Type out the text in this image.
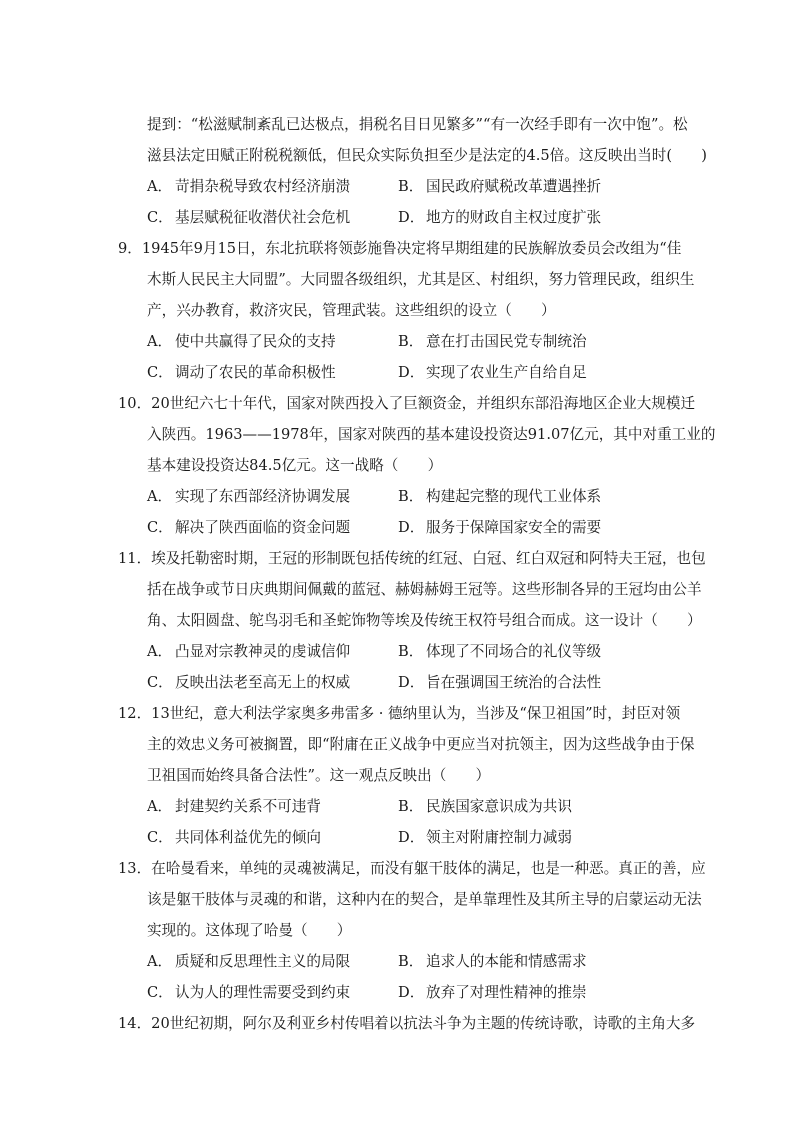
提到：“松滋赋制紊乱已达极点，捐税名目日见繁多”“有一次经手即有一次中饱”。松
滋县法定田赋正附税税额低，但民众实际负担至少是法定的4.5倍。这反映出当时(　　)
A． 苛捐杂税导致农村经济崩溃	B． 国民政府赋税改革遭遇挫折
C． 基层赋税征收潜伏社会危机	D． 地方的财政自主权过度扩张
9．1945年9月15日，东北抗联将领彭施鲁决定将早期组建的民族解放委员会改组为“佳
木斯人民民主大同盟”。大同盟各级组织，尤其是区、村组织，努力管理民政，组织生
产，兴办教育，救济灾民，管理武装。这些组织的设立（　　）
A． 使中共赢得了民众的支持	B． 意在打击国民党专制统治
C． 调动了农民的革命积极性	D． 实现了农业生产自给自足
10．20世纪六七十年代，国家对陕西投入了巨额资金，并组织东部沿海地区企业大规模迁
入陕西。1963——1978年，国家对陕西的基本建设投资达91.07亿元，其中对重工业的
基本建设投资达84.5亿元。这一战略（　　）
A． 实现了东西部经济协调发展	B． 构建起完整的现代工业体系
C． 解决了陕西面临的资金问题	D． 服务于保障国家安全的需要
11．埃及托勒密时期，王冠的形制既包括传统的红冠、白冠、红白双冠和阿特夫王冠，也包
括在战争或节日庆典期间佩戴的蓝冠、赫姆赫姆王冠等。这些形制各异的王冠均由公羊
角、太阳圆盘、鸵鸟羽毛和圣蛇饰物等埃及传统王权符号组合而成。这一设计（　　）
A． 凸显对宗教神灵的虔诚信仰	B． 体现了不同场合的礼仪等级
C． 反映出法老至高无上的权威	D． 旨在强调国王统治的合法性
12．13世纪，意大利法学家奥多弗雷多 · 德纳里认为，当涉及“保卫祖国”时，封臣对领
主的效忠义务可被搁置，即“附庸在正义战争中更应当对抗领主，因为这些战争由于保
卫祖国而始终具备合法性”。这一观点反映出（　　）
A． 封建契约关系不可违背	B． 民族国家意识成为共识
C． 共同体利益优先的倾向	D． 领主对附庸控制力减弱
13．在哈曼看来，单纯的灵魂被满足，而没有躯干肢体的满足，也是一种恶。真正的善，应
该是躯干肢体与灵魂的和谐，这种内在的契合，是单靠理性及其所主导的启蒙运动无法
实现的。这体现了哈曼（　　）
A． 质疑和反思理性主义的局限	B． 追求人的本能和情感需求
C． 认为人的理性需要受到约束	D． 放弃了对理性精神的推崇
14．20世纪初期，阿尔及利亚乡村传唱着以抗法斗争为主题的传统诗歌，诗歌的主角大多
